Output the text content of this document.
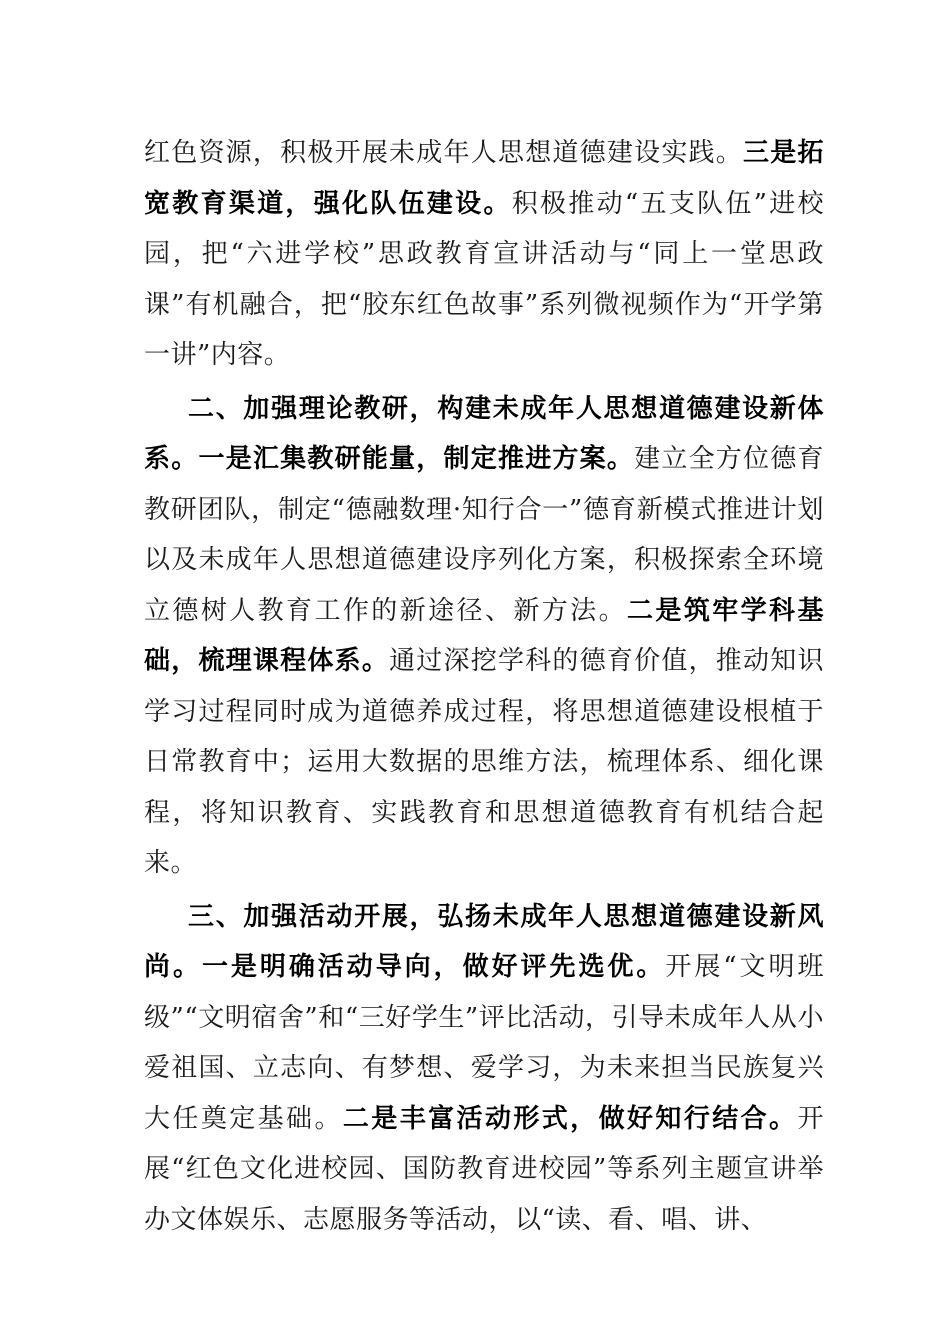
红色资源，积极开展未成年人思想道德建设实践。三是拓宽教育渠道，强化队伍建设。积极推动“五支队伍”进校园，把“六进学校”思政教育宣讲活动与“同上一堂思政课”有机融合，把“胶东红色故事”系列微视频作为“开学第一讲”内容。

二、加强理论教研，构建未成年人思想道德建设新体系。一是汇集教研能量，制定推进方案。建立全方位德育教研团队，制定“德融数理·知行合一”德育新模式推进计划以及未成年人思想道德建设序列化方案，积极探索全环境立德树人教育工作的新途径、新方法。二是筑牢学科基础，梳理课程体系。通过深挖学科的德育价值，推动知识学习过程同时成为道德养成过程，将思想道德建设根植于日常教育中；运用大数据的思维方法，梳理体系、细化课程，将知识教育、实践教育和思想道德教育有机结合起来。

三、加强活动开展，弘扬未成年人思想道德建设新风尚。一是明确活动导向，做好评先选优。开展“文明班级”“文明宿舍”和“三好学生”评比活动，引导未成年人从小爱祖国、立志向、有梦想、爱学习，为未来担当民族复兴大任奠定基础。二是丰富活动形式，做好知行结合。开展“红色文化进校园、国防教育进校园”等系列主题宣讲举办文体娱乐、志愿服务等活动，以“读、看、唱、讲、
